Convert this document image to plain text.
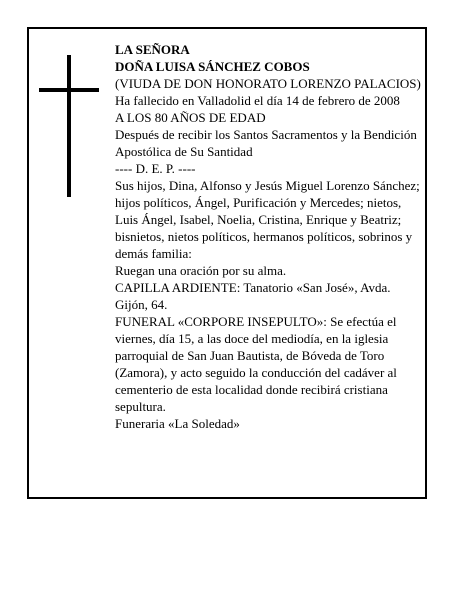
LA SEÑORA
DOÑA LUISA SÁNCHEZ COBOS
(VIUDA DE DON HONORATO LORENZO PALACIOS)
Ha fallecido en Valladolid el día 14 de febrero de 2008
A LOS 80 AÑOS DE EDAD
Después de recibir los Santos Sacramentos y la Bendición Apostólica de Su Santidad
---- D. E. P. ----
Sus hijos, Dina, Alfonso y Jesús Miguel Lorenzo Sánchez; hijos políticos, Ángel, Purificación y Mercedes; nietos, Luis Ángel, Isabel, Noelia, Cristina, Enrique y Beatriz; bisnietos, nietos políticos, hermanos políticos, sobrinos y demás familia:
Ruegan una oración por su alma.
CAPILLA ARDIENTE: Tanatorio «San José», Avda. Gijón, 64.
FUNERAL «CORPORE INSEPULTO»: Se efectúa el viernes, día 15, a las doce del mediodía, en la iglesia parroquial de San Juan Bautista, de Bóveda de Toro (Zamora), y acto seguido la conducción del cadáver al cementerio de esta localidad donde recibirá cristiana sepultura.
Funeraria «La Soledad»
